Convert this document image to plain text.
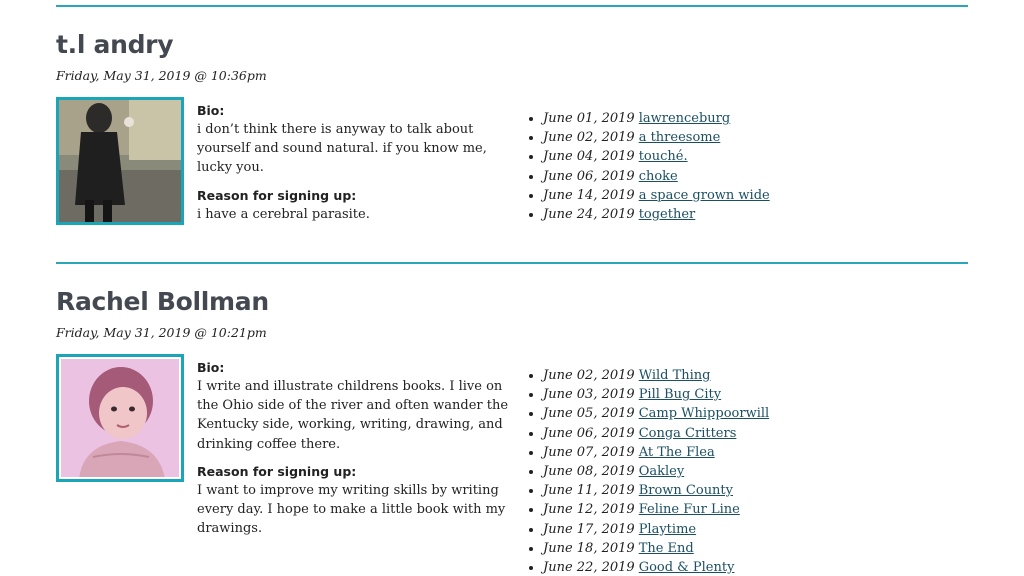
t.l andry
Friday, May 31, 2019 @ 10:36pm

Bio:

i don’t think there is anyway to talk about yourself and sound natural. if you know me, lucky you.

Reason for signing up:

i have a cerebral parasite.

• June 01, 2019 lawrenceburg
• June 02, 2019 a threesome
• June 04, 2019 touché.
• June 06, 2019 choke
• June 14, 2019 a space grown wide
• June 24, 2019 together
Rachel Bollman
Friday, May 31, 2019 @ 10:21pm

Bio:

I write and illustrate childrens books. I live on the Ohio side of the river and often wander the Kentucky side, working, writing, drawing, and drinking coffee there.

Reason for signing up:

I want to improve my writing skills by writing every day. I hope to make a little book with my drawings.

• June 02, 2019 Wild Thing
• June 03, 2019 Pill Bug City
• June 05, 2019 Camp Whippoorwill
• June 06, 2019 Conga Critters
• June 07, 2019 At The Flea
• June 08, 2019 Oakley
• June 11, 2019 Brown County
• June 12, 2019 Feline Fur Line
• June 17, 2019 Playtime
• June 18, 2019 The End
• June 22, 2019 Good & Plenty
